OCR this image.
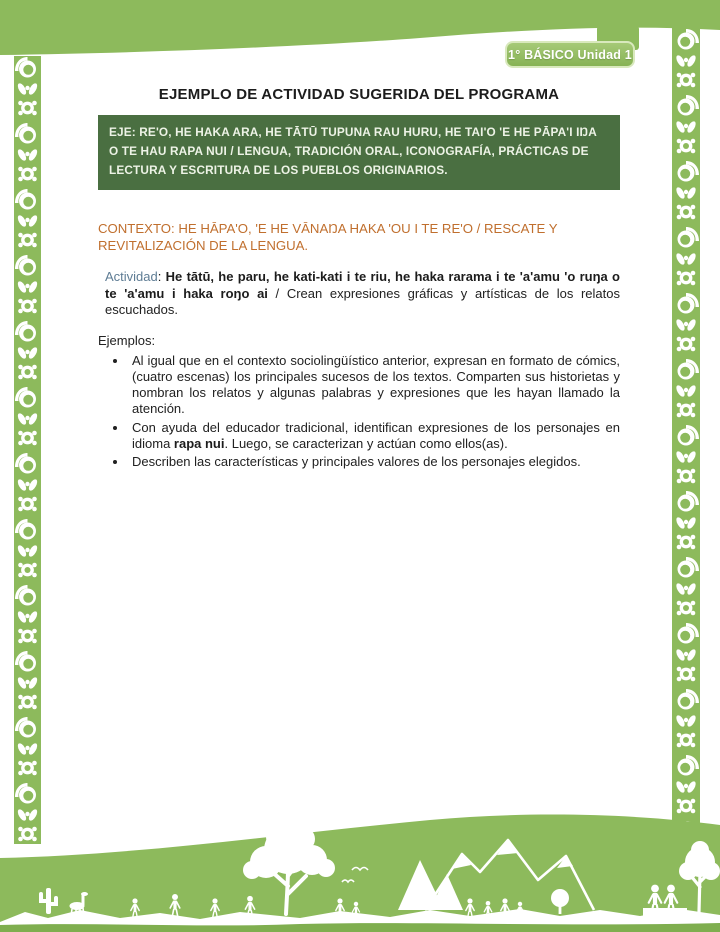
1° BÁSICO Unidad 1
EJEMPLO DE ACTIVIDAD SUGERIDA DEL PROGRAMA
EJE: RE'O, HE HAKA ARA, HE TĀTŪ TUPUNA RAU HURU, HE TAI'O 'E HE PĀPA'I IŊA O TE HAU RAPA NUI / LENGUA, TRADICIÓN ORAL, ICONOGRAFÍA, PRÁCTICAS DE LECTURA Y ESCRITURA DE LOS PUEBLOS ORIGINARIOS.

CONTEXTO: HE HĀPA'O, 'E HE VĀNAŊA HAKA 'OU I TE RE'O / RESCATE Y REVITALIZACIÓN DE LA LENGUA.

Actividad: He tātū, he paru, he kati-kati i te riu, he haka rarama i te 'a'amu 'o ruŋa o te 'a'amu i haka roŋo ai / Crean expresiones gráficas y artísticas de los relatos escuchados.

Ejemplos:

• Al igual que en el contexto sociolingüístico anterior, expresan en formato de cómics, (cuatro escenas) los principales sucesos de los textos. Comparten sus historietas y nombran los relatos y algunas palabras y expresiones que les hayan llamado la atención.
• Con ayuda del educador tradicional, identifican expresiones de los personajes en idioma rapa nui. Luego, se caracterizan y actúan como ellos(as).
• Describen las características y principales valores de los personajes elegidos.
